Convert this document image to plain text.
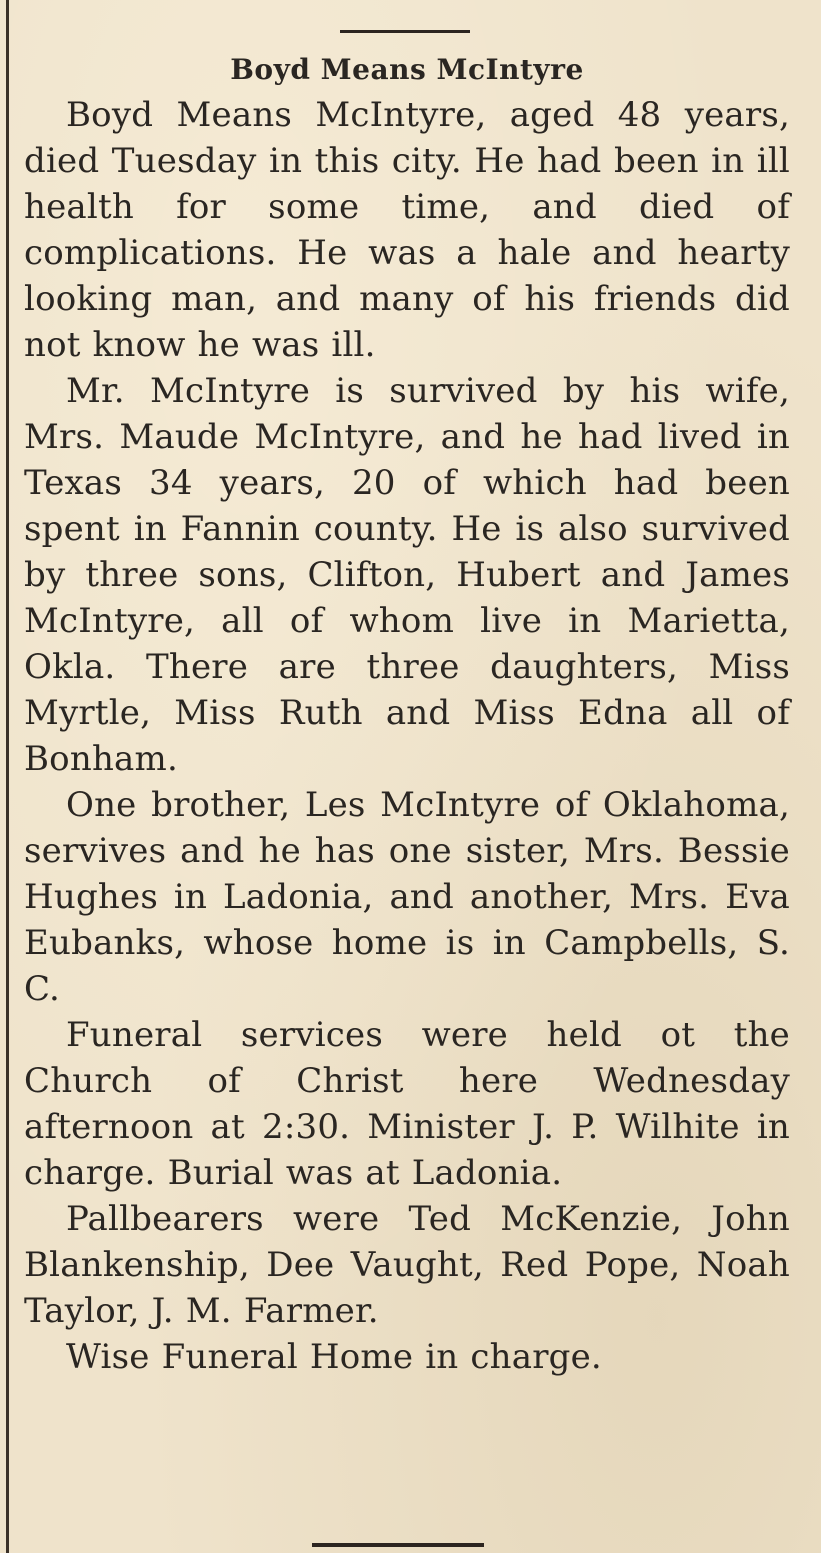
Boyd Means McIntyre

Boyd Means McIntyre, aged 48 years, died Tuesday in this city. He had been in ill health for some time, and died of complications. He was a hale and hearty looking man, and many of his friends did not know he was ill.

Mr. McIntyre is survived by his wife, Mrs. Maude McIntyre, and he had lived in Texas 34 years, 20 of which had been spent in Fannin county. He is also survived by three sons, Clifton, Hubert and James McIntyre, all of whom live in Marietta, Okla. There are three daughters, Miss Myrtle, Miss Ruth and Miss Edna all of Bonham.

One brother, Les McIntyre of Oklahoma, servives and he has one sister, Mrs. Bessie Hughes in Ladonia, and another, Mrs. Eva Eubanks, whose home is in Campbells, S. C.

Funeral services were held ot the Church of Christ here Wednesday afternoon at 2:30. Minister J. P. Wilhite in charge. Burial was at Ladonia.

Pallbearers were Ted McKenzie, John Blankenship, Dee Vaught, Red Pope, Noah Taylor, J. M. Farmer.

Wise Funeral Home in charge.
